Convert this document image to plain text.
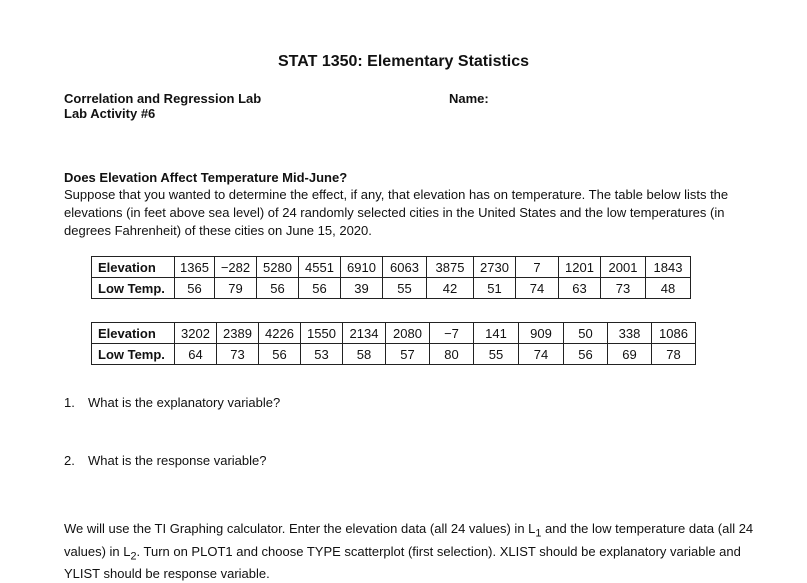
STAT 1350: Elementary Statistics
Correlation and Regression Lab
Lab Activity #6
Name:
Does Elevation Affect Temperature Mid-June?
Suppose that you wanted to determine the effect, if any, that elevation has on temperature. The table below lists the elevations (in feet above sea level) of 24 randomly selected cities in the United States and the low temperatures (in degrees Fahrenheit) of these cities on June 15, 2020.
Elevation	1365	−282	5280	4551	6910	6063	3875	2730	7	1201	2001	1843
Low Temp.	56	79	56	56	39	55	42	51	74	63	73	48
Elevation	3202	2389	4226	1550	2134	2080	−7	141	909	50	338	1086
Low Temp.	64	73	56	53	58	57	80	55	74	56	69	78
1. What is the explanatory variable?
2. What is the response variable?
We will use the TI Graphing calculator. Enter the elevation data (all 24 values) in $L_1$ and the low temperature data (all 24 values) in $L_2$. Turn on PLOT1 and choose TYPE scatterplot (first selection). XLIST should be explanatory variable and YLIST should be response variable.
